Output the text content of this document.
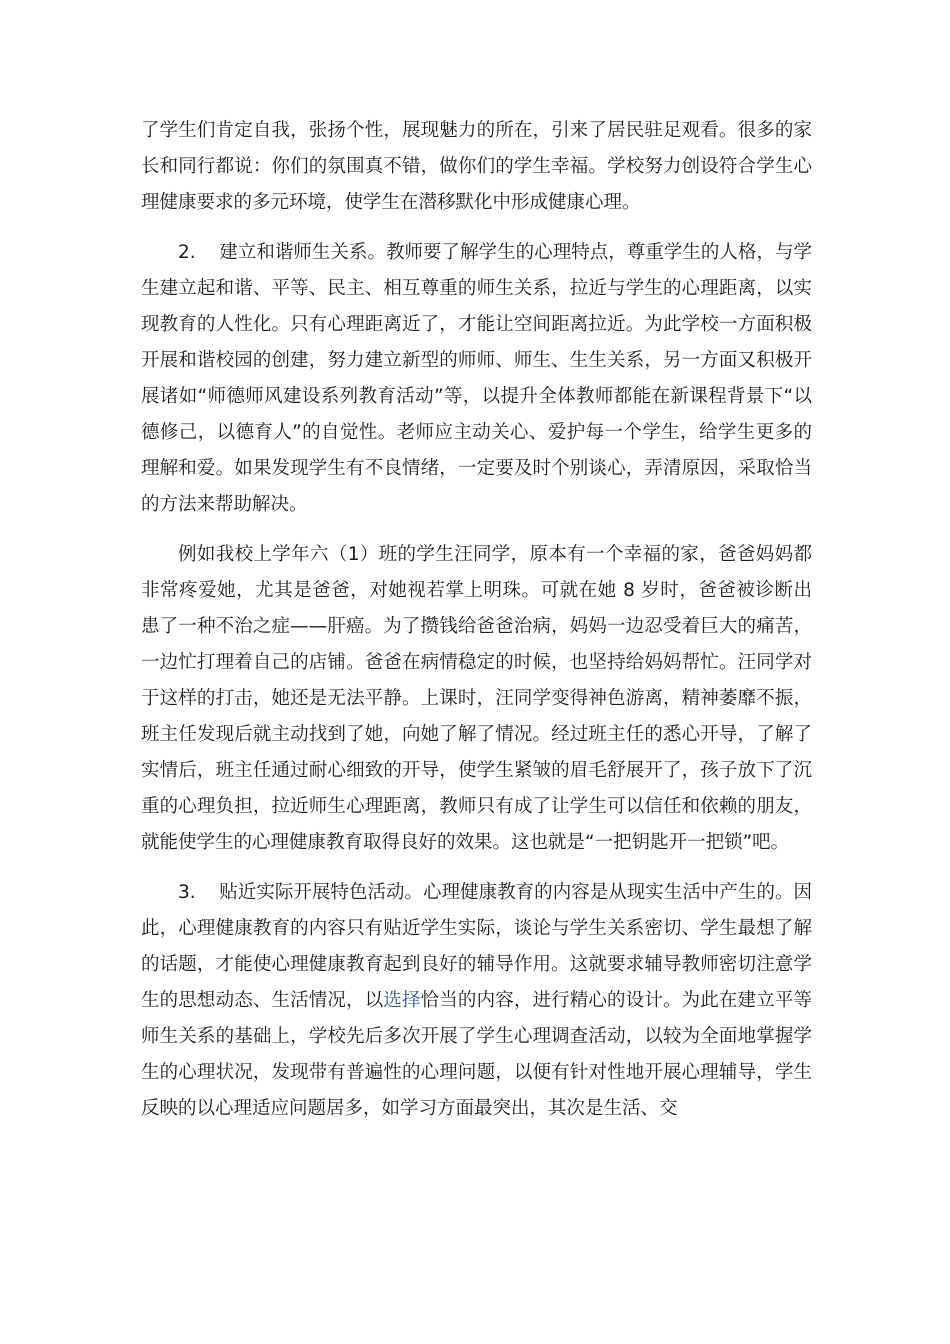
了学生们肯定自我，张扬个性，展现魅力的所在，引来了居民驻足观看。很多的家长和同行都说：你们的氛围真不错，做你们的学生幸福。学校努力创设符合学生心理健康要求的多元环境，使学生在潜移默化中形成健康心理。

2. 建立和谐师生关系。教师要了解学生的心理特点，尊重学生的人格，与学生建立起和谐、平等、民主、相互尊重的师生关系，拉近与学生的心理距离，以实现教育的人性化。只有心理距离近了，才能让空间距离拉近。为此学校一方面积极开展和谐校园的创建，努力建立新型的师师、师生、生生关系，另一方面又积极开展诸如“师德师风建设系列教育活动”等，以提升全体教师都能在新课程背景下“以德修己，以德育人”的自觉性。老师应主动关心、爱护每一个学生，给学生更多的理解和爱。如果发现学生有不良情绪，一定要及时个别谈心，弄清原因，采取恰当的方法来帮助解决。

例如我校上学年六（1）班的学生汪同学，原本有一个幸福的家，爸爸妈妈都非常疼爱她，尤其是爸爸，对她视若掌上明珠。可就在她 8 岁时，爸爸被诊断出患了一种不治之症——肝癌。为了攒钱给爸爸治病，妈妈一边忍受着巨大的痛苦，一边忙打理着自己的店铺。爸爸在病情稳定的时候，也坚持给妈妈帮忙。汪同学对于这样的打击，她还是无法平静。上课时，汪同学变得神色游离，精神萎靡不振，班主任发现后就主动找到了她，向她了解了情况。经过班主任的悉心开导，了解了实情后，班主任通过耐心细致的开导，使学生紧皱的眉毛舒展开了，孩子放下了沉重的心理负担，拉近师生心理距离，教师只有成了让学生可以信任和依赖的朋友，就能使学生的心理健康教育取得良好的效果。这也就是“一把钥匙开一把锁”吧。

3. 贴近实际开展特色活动。心理健康教育的内容是从现实生活中产生的。因此，心理健康教育的内容只有贴近学生实际，谈论与学生关系密切、学生最想了解的话题，才能使心理健康教育起到良好的辅导作用。这就要求辅导教师密切注意学生的思想动态、生活情况，以选择恰当的内容，进行精心的设计。为此在建立平等师生关系的基础上，学校先后多次开展了学生心理调查活动，以较为全面地掌握学生的心理状况，发现带有普遍性的心理问题，以便有针对性地开展心理辅导，学生反映的以心理适应问题居多，如学习方面最突出，其次是生活、交
